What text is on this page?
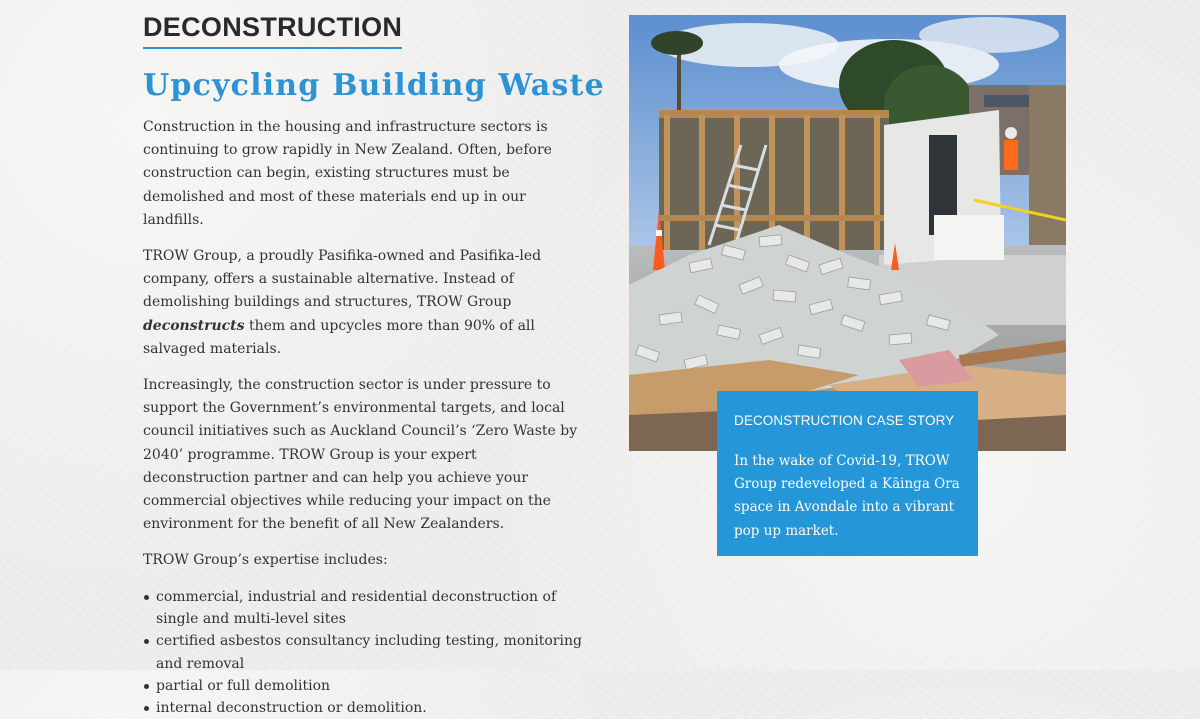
DECONSTRUCTION
Upcycling Building Waste

Construction in the housing and infrastructure sectors is continuing to grow rapidly in New Zealand. Often, before construction can begin, existing structures must be demolished and most of these materials end up in our landfills.

TROW Group, a proudly Pasifika-owned and Pasifika-led company, offers a sustainable alternative. Instead of demolishing buildings and structures, TROW Group deconstructs them and upcycles more than 90% of all salvaged materials.

Increasingly, the construction sector is under pressure to support the Government’s environmental targets, and local council initiatives such as Auckland Council’s ‘Zero Waste by 2040’ programme. TROW Group is your expert deconstruction partner and can help you achieve your commercial objectives while reducing your impact on the environment for the benefit of all New Zealanders.

TROW Group’s expertise includes:

commercial, industrial and residential deconstruction of single and multi-level sites
certified asbestos consultancy including testing, monitoring and removal
partial or full demolition
internal deconstruction or demolition.
DECONSTRUCTION CASE STORY

In the wake of Covid-19, TROW Group redeveloped a Kāinga Ora space in Avondale into a vibrant pop up market.
